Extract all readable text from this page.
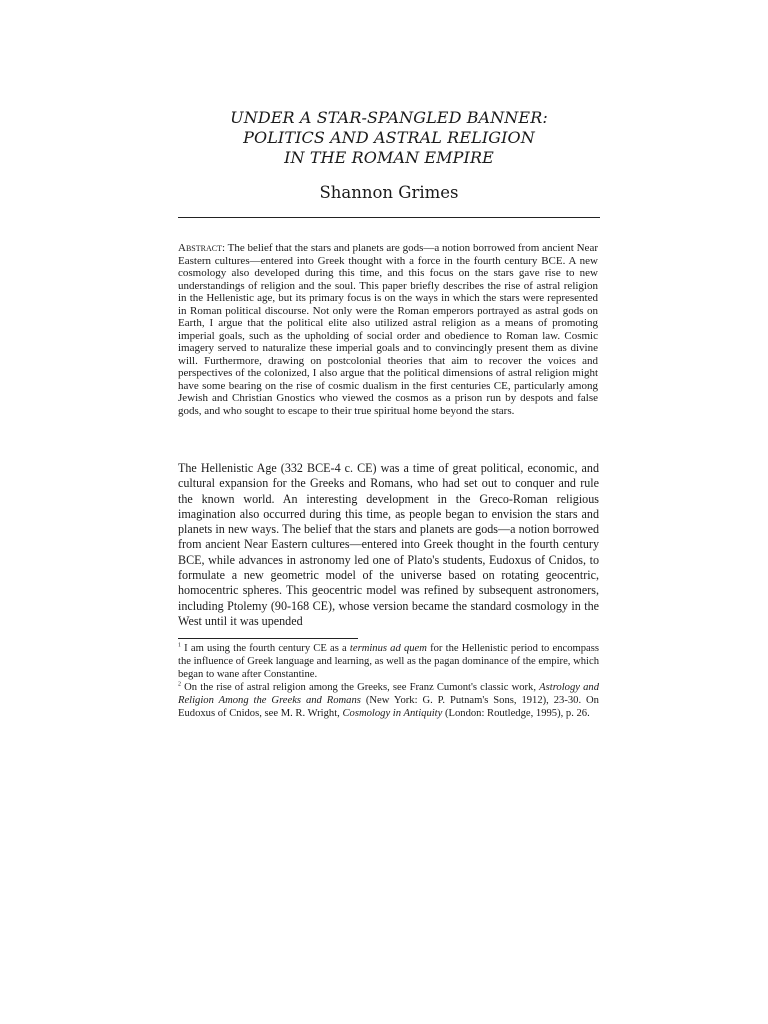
UNDER A STAR-SPANGLED BANNER:
POLITICS AND ASTRAL RELIGION
IN THE ROMAN EMPIRE
Shannon Grimes
Abstract: The belief that the stars and planets are gods—a notion borrowed from ancient Near Eastern cultures—entered into Greek thought with a force in the fourth century BCE. A new cosmology also developed during this time, and this focus on the stars gave rise to new understandings of religion and the soul. This paper briefly describes the rise of astral religion in the Hellenistic age, but its primary focus is on the ways in which the stars were represented in Roman political discourse. Not only were the Roman emperors portrayed as astral gods on Earth, I argue that the political elite also utilized astral religion as a means of promoting imperial goals, such as the upholding of social order and obedience to Roman law. Cosmic imagery served to naturalize these imperial goals and to convincingly present them as divine will. Furthermore, drawing on postcolonial theories that aim to recover the voices and perspectives of the colonized, I also argue that the political dimensions of astral religion might have some bearing on the rise of cosmic dualism in the first centuries CE, particularly among Jewish and Christian Gnostics who viewed the cosmos as a prison run by despots and false gods, and who sought to escape to their true spiritual home beyond the stars.

The Hellenistic Age (332 BCE-4 c. CE) was a time of great political, economic, and cultural expansion for the Greeks and Romans, who had set out to conquer and rule the known world. An interesting development in the Greco-Roman religious imagination also occurred during this time, as people began to envision the stars and planets in new ways. The belief that the stars and planets are gods—a notion borrowed from ancient Near Eastern cultures—entered into Greek thought in the fourth century BCE, while advances in astronomy led one of Plato's students, Eudoxus of Cnidos, to formulate a new geometric model of the universe based on rotating geocentric, homocentric spheres. This geocentric model was refined by subsequent astronomers, including Ptolemy (90-168 CE), whose version became the standard cosmology in the West until it was upended

$^1$ I am using the fourth century CE as a terminus ad quem for the Hellenistic period to encompass the influence of Greek language and learning, as well as the pagan dominance of the empire, which began to wane after Constantine.

$^2$ On the rise of astral religion among the Greeks, see Franz Cumont's classic work, Astrology and Religion Among the Greeks and Romans (New York: G. P. Putnam's Sons, 1912), 23-30. On Eudoxus of Cnidos, see M. R. Wright, Cosmology in Antiquity (London: Routledge, 1995), p. 26.
